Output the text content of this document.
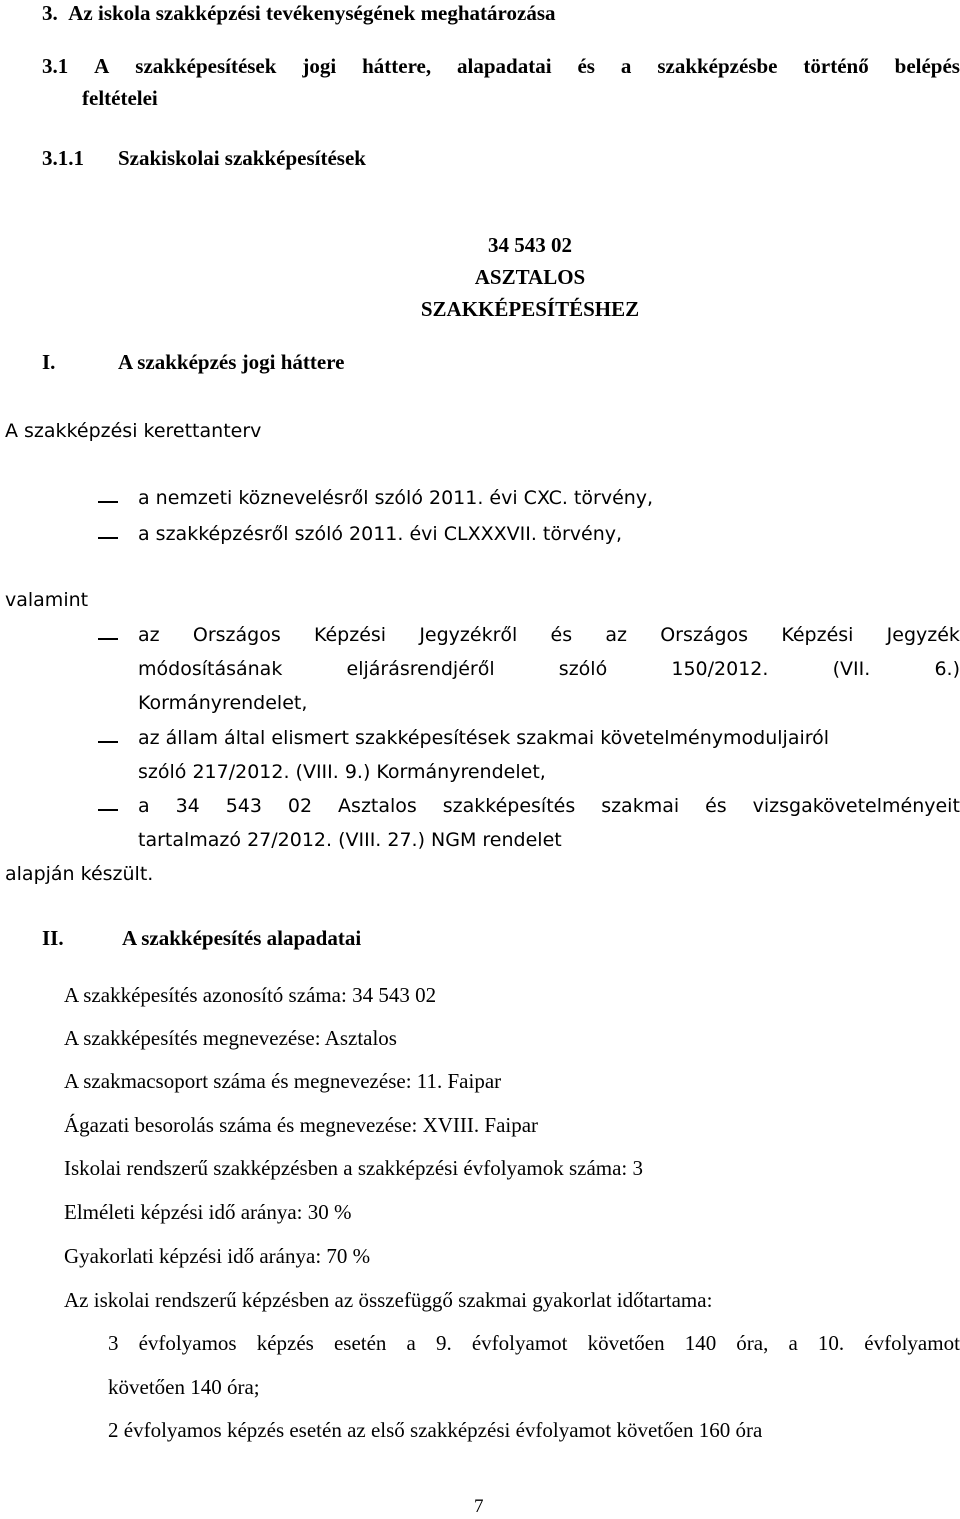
3.  Az iskola szakképzési tevékenységének meghatározása
3.1 A szakképesítések jogi háttere, alapadatai és a szakképzésbe történő belépés
feltételei
3.1.1 Szakiskolai szakképesítések
34 543 02
ASZTALOS
SZAKKÉPESÍTÉSHEZ
I.	A szakképzés jogi háttere
A szakképzési kerettanterv
a nemzeti köznevelésről szóló 2011. évi CXC. törvény,
a szakképzésről szóló 2011. évi CLXXXVII. törvény,
valamint
az Országos Képzési Jegyzékről és az Országos Képzési Jegyzék
módosításának	eljárásrendjéről	szóló	150/2012.	(VII.	6.)
Kormányrendelet,
az állam által elismert szakképesítések szakmai követelménymoduljairól
szóló 217/2012. (VIII. 9.) Kormányrendelet,
a 34 543 02 Asztalos szakképesítés szakmai és vizsgakövetelményeit
tartalmazó 27/2012. (VIII. 27.) NGM rendelet
alapján készült.
II.	A szakképesítés alapadatai
A szakképesítés azonosító száma: 34 543 02
A szakképesítés megnevezése: Asztalos
A szakmacsoport száma és megnevezése: 11. Faipar
Ágazati besorolás száma és megnevezése: XVIII. Faipar
Iskolai rendszerű szakképzésben a szakképzési évfolyamok száma: 3
Elméleti képzési idő aránya: 30 %
Gyakorlati képzési idő aránya: 70 %
Az iskolai rendszerű képzésben az összefüggő szakmai gyakorlat időtartama:
3 évfolyamos képzés esetén a 9. évfolyamot követően 140 óra, a 10. évfolyamot
követően 140 óra;
2 évfolyamos képzés esetén az első szakképzési évfolyamot követően 160 óra
7
